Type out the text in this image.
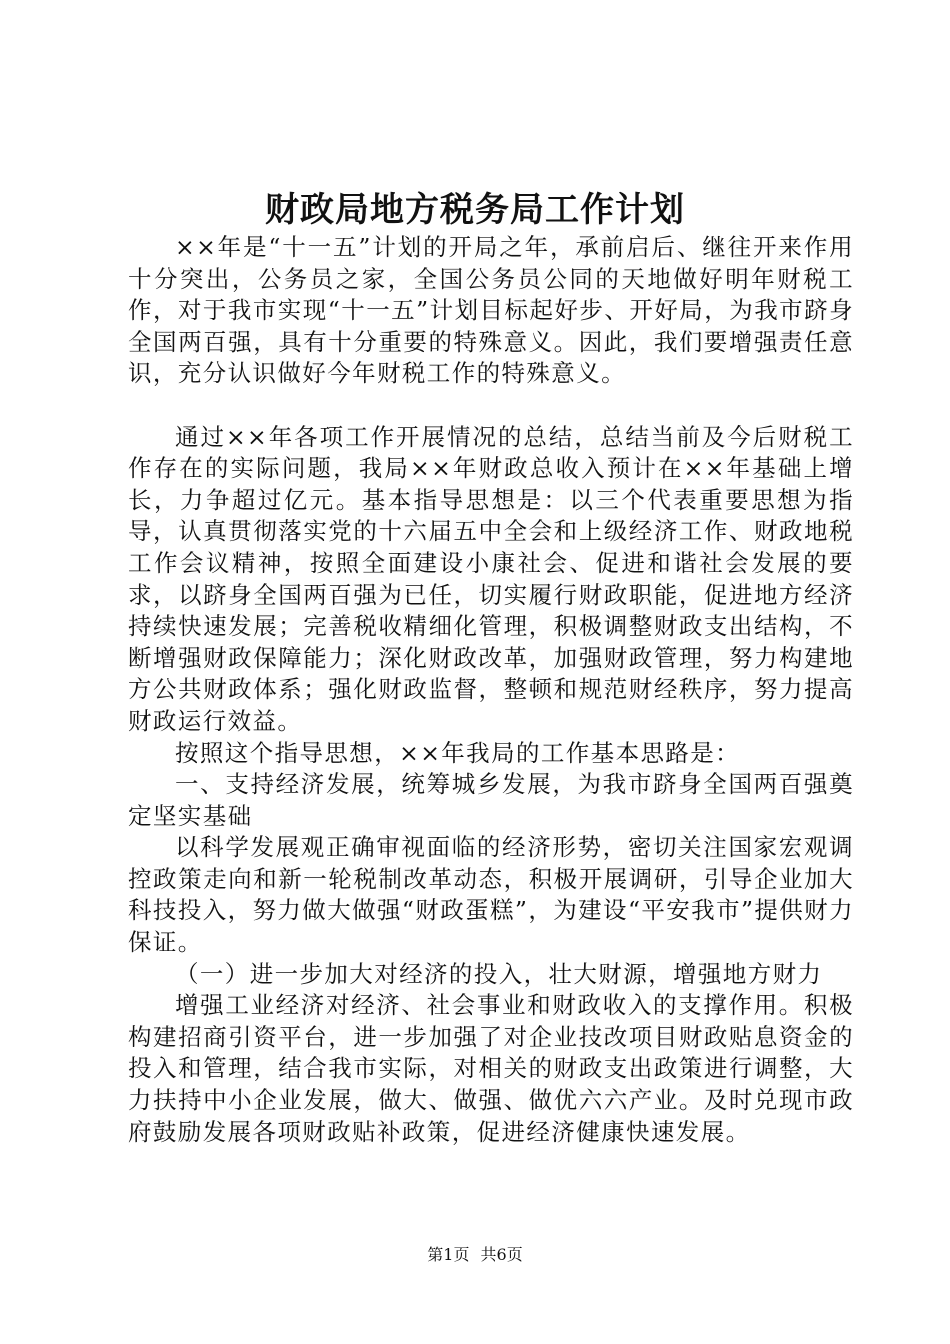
财政局地方税务局工作计划

××年是“十一五”计划的开局之年，承前启后、继往开来作用十分突出，公务员之家，全国公务员公同的天地做好明年财税工作，对于我市实现“十一五”计划目标起好步、开好局，为我市跻身全国两百强，具有十分重要的特殊意义。因此，我们要增强责任意识，充分认识做好今年财税工作的特殊意义。

通过××年各项工作开展情况的总结，总结当前及今后财税工作存在的实际问题，我局××年财政总收入预计在××年基础上增长，力争超过亿元。基本指导思想是：以三个代表重要思想为指导，认真贯彻落实党的十六届五中全会和上级经济工作、财政地税工作会议精神，按照全面建设小康社会、促进和谐社会发展的要求，以跻身全国两百强为已任，切实履行财政职能，促进地方经济持续快速发展；完善税收精细化管理，积极调整财政支出结构，不断增强财政保障能力；深化财政改革，加强财政管理，努力构建地方公共财政体系；强化财政监督，整顿和规范财经秩序，努力提高财政运行效益。

按照这个指导思想，××年我局的工作基本思路是：

一、支持经济发展，统筹城乡发展，为我市跻身全国两百强奠定坚实基础

以科学发展观正确审视面临的经济形势，密切关注国家宏观调控政策走向和新一轮税制改革动态，积极开展调研，引导企业加大科技投入，努力做大做强“财政蛋糕”，为建设“平安我市”提供财力保证。

（一）进一步加大对经济的投入，壮大财源，增强地方财力

增强工业经济对经济、社会事业和财政收入的支撑作用。积极构建招商引资平台，进一步加强了对企业技改项目财政贴息资金的投入和管理，结合我市实际，对相关的财政支出政策进行调整，大力扶持中小企业发展，做大、做强、做优六六产业。及时兑现市政府鼓励发展各项财政贴补政策，促进经济健康快速发展。

第1页 共6页
